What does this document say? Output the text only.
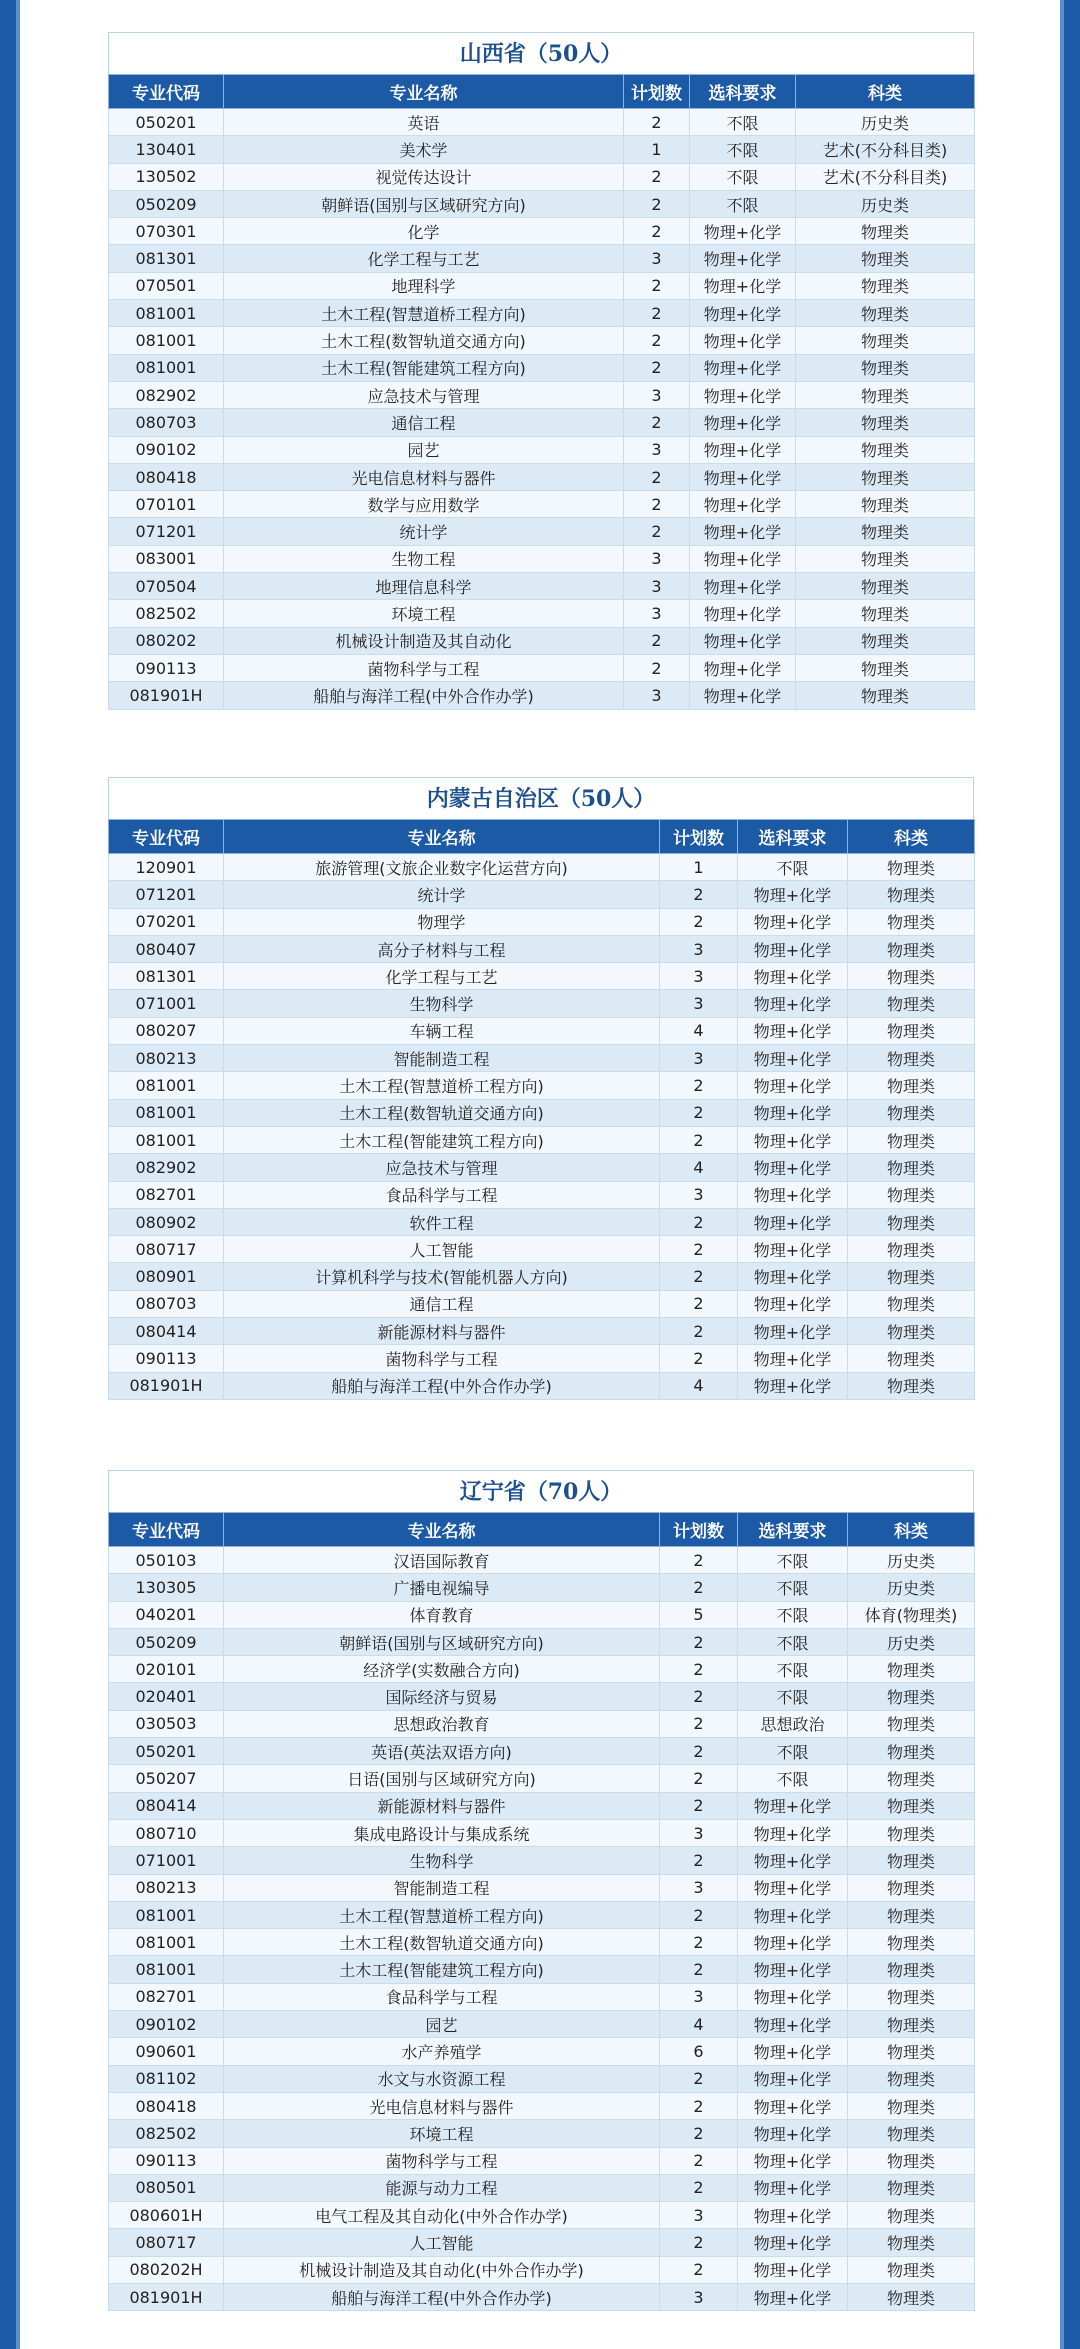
山西省（50人）
专业代码	专业名称	计划数	选科要求	科类
050201	英语	2	不限	历史类
130401	美术学	1	不限	艺术(不分科目类)
130502	视觉传达设计	2	不限	艺术(不分科目类)
050209	朝鲜语(国别与区域研究方向)	2	不限	历史类
070301	化学	2	物理+化学	物理类
081301	化学工程与工艺	3	物理+化学	物理类
070501	地理科学	2	物理+化学	物理类
081001	土木工程(智慧道桥工程方向)	2	物理+化学	物理类
081001	土木工程(数智轨道交通方向)	2	物理+化学	物理类
081001	土木工程(智能建筑工程方向)	2	物理+化学	物理类
082902	应急技术与管理	3	物理+化学	物理类
080703	通信工程	2	物理+化学	物理类
090102	园艺	3	物理+化学	物理类
080418	光电信息材料与器件	2	物理+化学	物理类
070101	数学与应用数学	2	物理+化学	物理类
071201	统计学	2	物理+化学	物理类
083001	生物工程	3	物理+化学	物理类
070504	地理信息科学	3	物理+化学	物理类
082502	环境工程	3	物理+化学	物理类
080202	机械设计制造及其自动化	2	物理+化学	物理类
090113	菌物科学与工程	2	物理+化学	物理类
081901H	船舶与海洋工程(中外合作办学)	3	物理+化学	物理类
内蒙古自治区（50人）
专业代码	专业名称	计划数	选科要求	科类
120901	旅游管理(文旅企业数字化运营方向)	1	不限	物理类
071201	统计学	2	物理+化学	物理类
070201	物理学	2	物理+化学	物理类
080407	高分子材料与工程	3	物理+化学	物理类
081301	化学工程与工艺	3	物理+化学	物理类
071001	生物科学	3	物理+化学	物理类
080207	车辆工程	4	物理+化学	物理类
080213	智能制造工程	3	物理+化学	物理类
081001	土木工程(智慧道桥工程方向)	2	物理+化学	物理类
081001	土木工程(数智轨道交通方向)	2	物理+化学	物理类
081001	土木工程(智能建筑工程方向)	2	物理+化学	物理类
082902	应急技术与管理	4	物理+化学	物理类
082701	食品科学与工程	3	物理+化学	物理类
080902	软件工程	2	物理+化学	物理类
080717	人工智能	2	物理+化学	物理类
080901	计算机科学与技术(智能机器人方向)	2	物理+化学	物理类
080703	通信工程	2	物理+化学	物理类
080414	新能源材料与器件	2	物理+化学	物理类
090113	菌物科学与工程	2	物理+化学	物理类
081901H	船舶与海洋工程(中外合作办学)	4	物理+化学	物理类
辽宁省（70人）
专业代码	专业名称	计划数	选科要求	科类
050103	汉语国际教育	2	不限	历史类
130305	广播电视编导	2	不限	历史类
040201	体育教育	5	不限	体育(物理类)
050209	朝鲜语(国别与区域研究方向)	2	不限	历史类
020101	经济学(实数融合方向)	2	不限	物理类
020401	国际经济与贸易	2	不限	物理类
030503	思想政治教育	2	思想政治	物理类
050201	英语(英法双语方向)	2	不限	物理类
050207	日语(国别与区域研究方向)	2	不限	物理类
080414	新能源材料与器件	2	物理+化学	物理类
080710	集成电路设计与集成系统	3	物理+化学	物理类
071001	生物科学	2	物理+化学	物理类
080213	智能制造工程	3	物理+化学	物理类
081001	土木工程(智慧道桥工程方向)	2	物理+化学	物理类
081001	土木工程(数智轨道交通方向)	2	物理+化学	物理类
081001	土木工程(智能建筑工程方向)	2	物理+化学	物理类
082701	食品科学与工程	3	物理+化学	物理类
090102	园艺	4	物理+化学	物理类
090601	水产养殖学	6	物理+化学	物理类
081102	水文与水资源工程	2	物理+化学	物理类
080418	光电信息材料与器件	2	物理+化学	物理类
082502	环境工程	2	物理+化学	物理类
090113	菌物科学与工程	2	物理+化学	物理类
080501	能源与动力工程	2	物理+化学	物理类
080601H	电气工程及其自动化(中外合作办学)	3	物理+化学	物理类
080717	人工智能	2	物理+化学	物理类
080202H	机械设计制造及其自动化(中外合作办学)	2	物理+化学	物理类
081901H	船舶与海洋工程(中外合作办学)	3	物理+化学	物理类
